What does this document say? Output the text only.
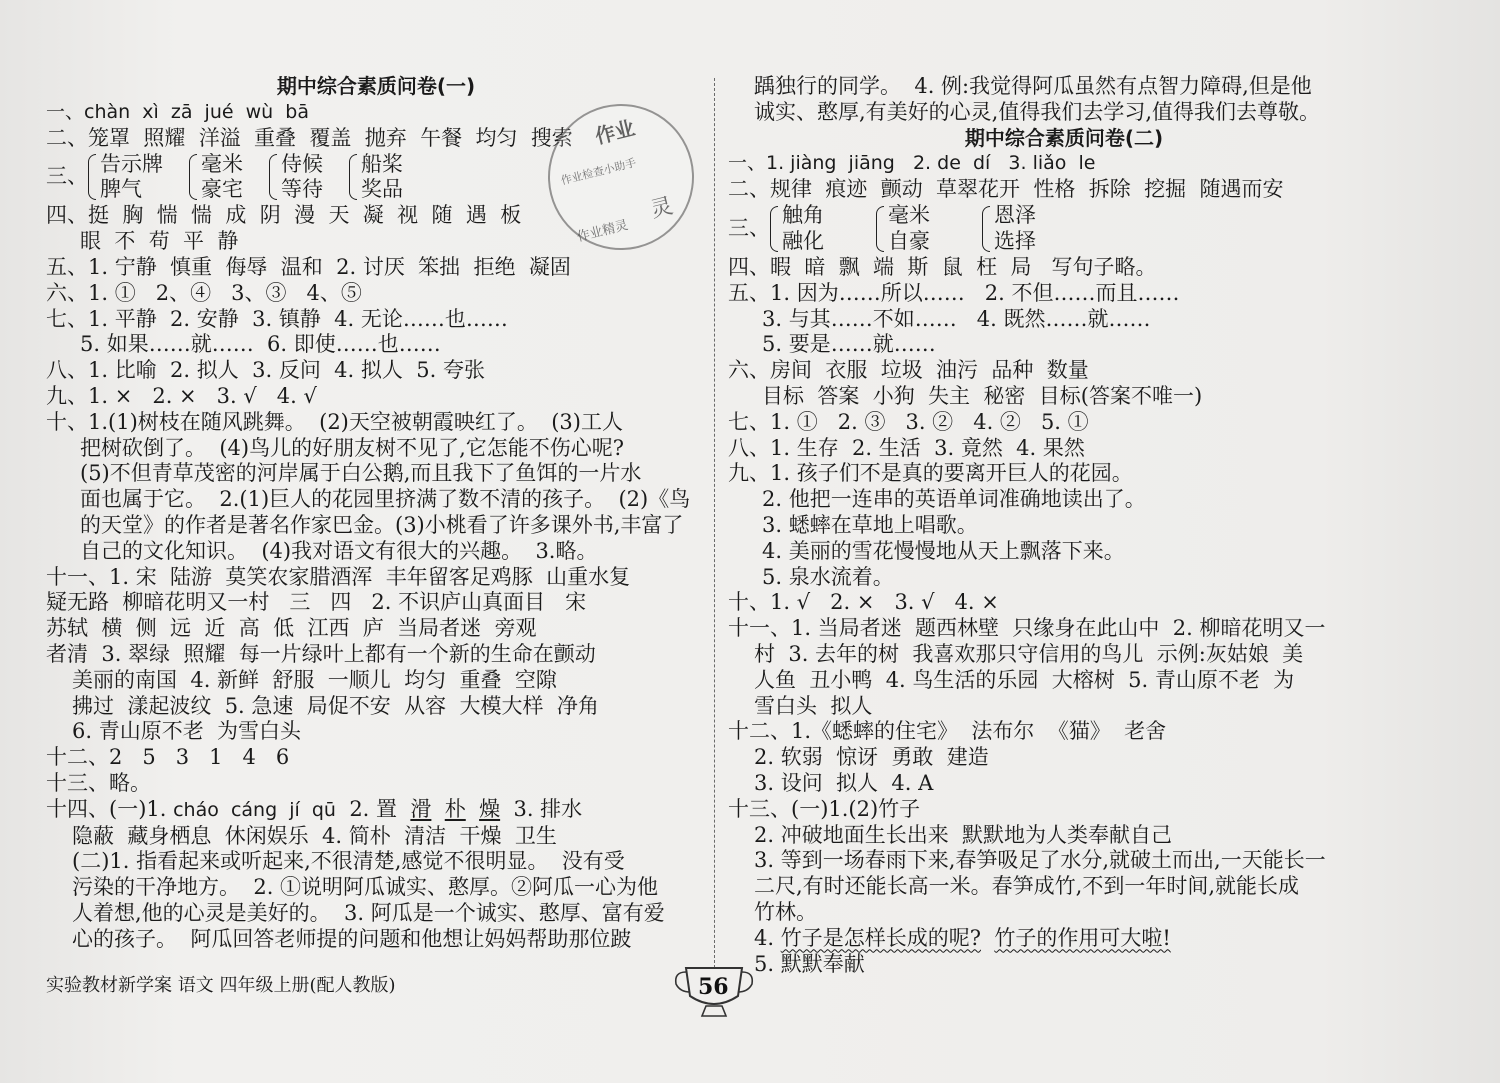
期中综合素质问卷(一)
一、chàn  xì  zā  jué  wù  bā
二、笼罩  照耀  洋溢  重叠  覆盖  抛弃  午餐  均匀  搜索
三、
告示牌
脾气
毫米
豪宅
侍候
等待
船桨
奖品
四、挺  胸  惴  惴  成  阴  漫  天  凝  视  随  遇  板
眼  不  苟  平  静
五、1. 宁静  慎重  侮辱  温和  2. 讨厌  笨拙  拒绝  凝固
六、1. ①   2、④   3、③   4、⑤
七、1. 平静  2. 安静  3. 镇静  4. 无论……也……
5. 如果……就……  6. 即使……也……
八、1. 比喻  2. 拟人  3. 反问  4. 拟人  5. 夸张
九、1. ×   2. ×   3. √   4. √
十、1.(1)树枝在随风跳舞。  (2)天空被朝霞映红了。  (3)工人
把树砍倒了。  (4)鸟儿的好朋友树不见了,它怎能不伤心呢?
(5)不但青草茂密的河岸属于白公鹅,而且我下了鱼饵的一片水
面也属于它。  2.(1)巨人的花园里挤满了数不清的孩子。  (2)《鸟
的天堂》的作者是著名作家巴金。(3)小桃看了许多课外书,丰富了
自己的文化知识。  (4)我对语文有很大的兴趣。  3.略。
十一、1. 宋  陆游  莫笑农家腊酒浑  丰年留客足鸡豚  山重水复
疑无路  柳暗花明又一村   三   四   2. 不识庐山真面目   宋
苏轼  横  侧  远  近  高  低  江西  庐  当局者迷  旁观
者清  3. 翠绿  照耀  每一片绿叶上都有一个新的生命在颤动
美丽的南国  4. 新鲜  舒服  一顺儿  均匀  重叠  空隙
拂过  漾起波纹  5. 急速  局促不安  从容  大模大样  净角
6. 青山原不老  为雪白头
十二、2   5   3   1   4   6
十三、略。
十四、(一)1. cháo  cáng  jí  qū  2. 置  滑 朴 燥  3. 排水
隐蔽  藏身栖息  休闲娱乐  4. 简朴  清洁  干燥  卫生
(二)1. 指看起来或听起来,不很清楚,感觉不很明显。  没有受
污染的干净地方。  2. ①说明阿瓜诚实、憨厚。②阿瓜一心为他
人着想,他的心灵是美好的。  3. 阿瓜是一个诚实、憨厚、富有爱
心的孩子。  阿瓜回答老师提的问题和他想让妈妈帮助那位跛
踽独行的同学。  4. 例:我觉得阿瓜虽然有点智力障碍,但是他
诚实、憨厚,有美好的心灵,值得我们去学习,值得我们去尊敬。
期中综合素质问卷(二)
一、1. jiàng  jiāng   2. de  dí   3. liǎo  le
二、规律  痕迹  颤动  草翠花开  性格  拆除  挖掘  随遇而安
三、
触角
融化
毫米
自豪
恩泽
选择
四、暇  暗  飘  端  斯  鼠  枉  局   写句子略。
五、1. 因为……所以……   2. 不但……而且……
3. 与其……不如……   4. 既然……就……
5. 要是……就……
六、房间  衣服  垃圾  油污  品种  数量
目标  答案  小狗  失主  秘密  目标(答案不唯一)
七、1. ①   2. ③   3. ②   4. ②   5. ①
八、1. 生存  2. 生活  3. 竟然  4. 果然
九、1. 孩子们不是真的要离开巨人的花园。
2. 他把一连串的英语单词准确地读出了。
3. 蟋蟀在草地上唱歌。
4. 美丽的雪花慢慢地从天上飘落下来。
5. 泉水流着。
十、1. √   2. ×   3. √   4. ×
十一、1. 当局者迷  题西林壁  只缘身在此山中  2. 柳暗花明又一
村  3. 去年的树  我喜欢那只守信用的鸟儿  示例:灰姑娘  美
人鱼  丑小鸭  4. 鸟生活的乐园  大榕树  5. 青山原不老  为
雪白头  拟人
十二、1.《蟋蟀的住宅》  法布尔  《猫》  老舍
2. 软弱  惊讶  勇敢  建造
3. 设问  拟人  4. A
十三、(一)1.(2)竹子
2. 冲破地面生长出来  默默地为人类奉献自己
3. 等到一场春雨下来,春笋吸足了水分,就破土而出,一天能长一
二尺,有时还能长高一米。春笋成竹,不到一年时间,就能长成
竹林。
4. 竹子是怎样长成的呢? 竹子的作用可大啦!
5. 默默奉献
作业
作业检查小助手
作业精灵
灵
实验教材新学案 语文 四年级上册(配人教版)	56
